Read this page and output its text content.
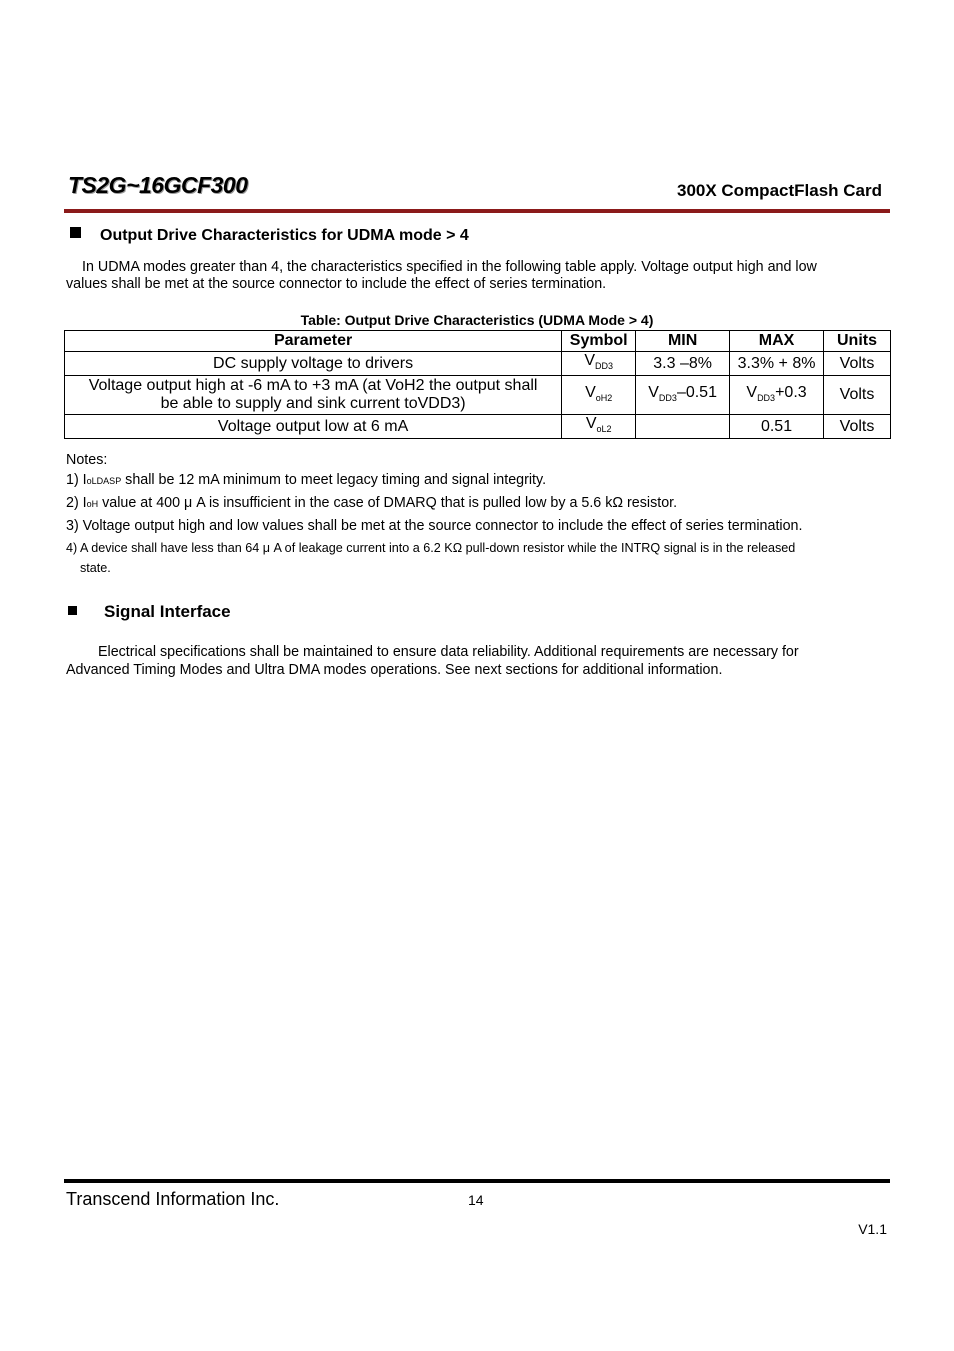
TS2G~16GCF300	300X CompactFlash Card
Output Drive Characteristics for UDMA mode > 4
In UDMA modes greater than 4, the characteristics specified in the following table apply. Voltage output high and low
values shall be met at the source connector to include the effect of series termination.
Table: Output Drive Characteristics (UDMA Mode > 4)
Parameter	Symbol	MIN	MAX	Units
DC supply voltage to drivers	$V_{DD3}$	3.3 –8%	3.3% + 8%	Volts

Voltage output high at -6 mA to +3 mA (at VoH2 the output shall
be able to supply and sink current toVDD3)	$V_{oH2}$	$V_{DD3}-0.51$	$V_{DD3}+0.3$	Volts
Voltage output low at 6 mA	$V_{oL2}$		0.51	Volts
Notes:
1) IoLDASP shall be 12 mA minimum to meet legacy timing and signal integrity.
2) IoH value at 400 μ A is insufficient in the case of DMARQ that is pulled low by a 5.6 kΩ resistor.
3) Voltage output high and low values shall be met at the source connector to include the effect of series termination.
4) A device shall have less than 64 μ A of leakage current into a 6.2 KΩ pull-down resistor while the INTRQ signal is in the released
state.
Signal Interface
Electrical specifications shall be maintained to ensure data reliability. Additional requirements are necessary for
Advanced Timing Modes and Ultra DMA modes operations. See next sections for additional information.
Transcend Information Inc.	14
V1.1
